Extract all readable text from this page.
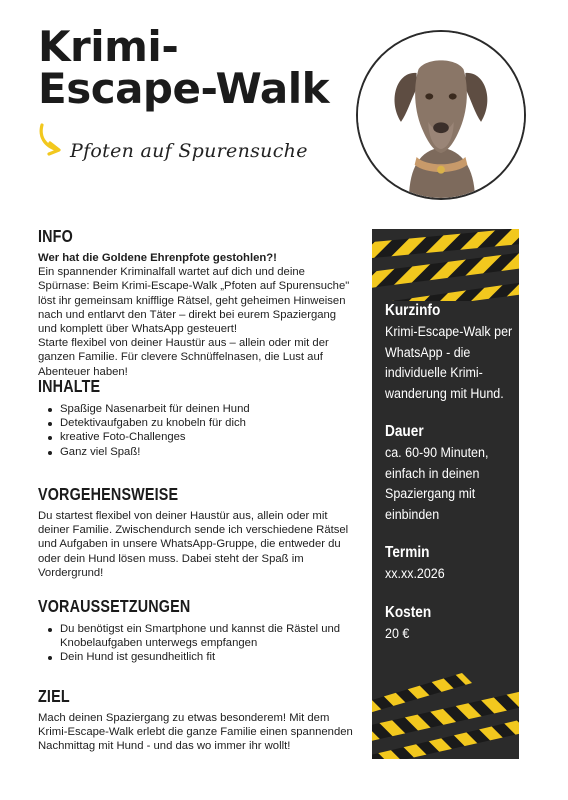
Krimi-
Escape-Walk
Pfoten auf Spurensuche
INFO

Wer hat die Goldene Ehrenpfote gestohlen?!

Ein spannender Kriminalfall wartet auf dich und deine Spürnase: Beim Krimi-Escape-Walk „Pfoten auf Spurensuche" löst ihr gemeinsam knifflige Rätsel, geht geheimen Hinweisen nach und entlarvt den Täter – direkt bei eurem Spaziergang und komplett über WhatsApp gesteuert!

Starte flexibel von deiner Haustür aus – allein oder mit der ganzen Familie. Für clevere Schnüffelnasen, die Lust auf Abenteuer haben!

INHALTE
Spaßige Nasenarbeit für deinen Hund
Detektivaufgaben zu knobeln für dich
kreative Foto-Challenges
Ganz viel Spaß!
VORGEHENSWEISE

Du startest flexibel von deiner Haustür aus, allein oder mit deiner Familie. Zwischendurch sende ich verschiedene Rätsel und Aufgaben in unsere WhatsApp-Gruppe, die entweder du oder dein Hund lösen muss. Dabei steht der Spaß im Vordergrund!

VORAUSSETZUNGEN
Du benötigst ein Smartphone und kannst die Rästel und Knobelaufgaben unterwegs empfangen
Dein Hund ist gesundheitlich fit
ZIEL

Mach deinen Spaziergang zu etwas besonderem! Mit dem Krimi-Escape-Walk erlebt die ganze Familie einen spannenden Nachmittag mit Hund - und das wo immer ihr wollt!

Kurzinfo
Krimi-Escape-Walk per WhatsApp - die individuelle Krimi-wanderung mit Hund.
Dauer
ca. 60-90 Minuten, einfach in deinen Spaziergang mit einbinden
Termin
xx.xx.2026
Kosten
20 €
